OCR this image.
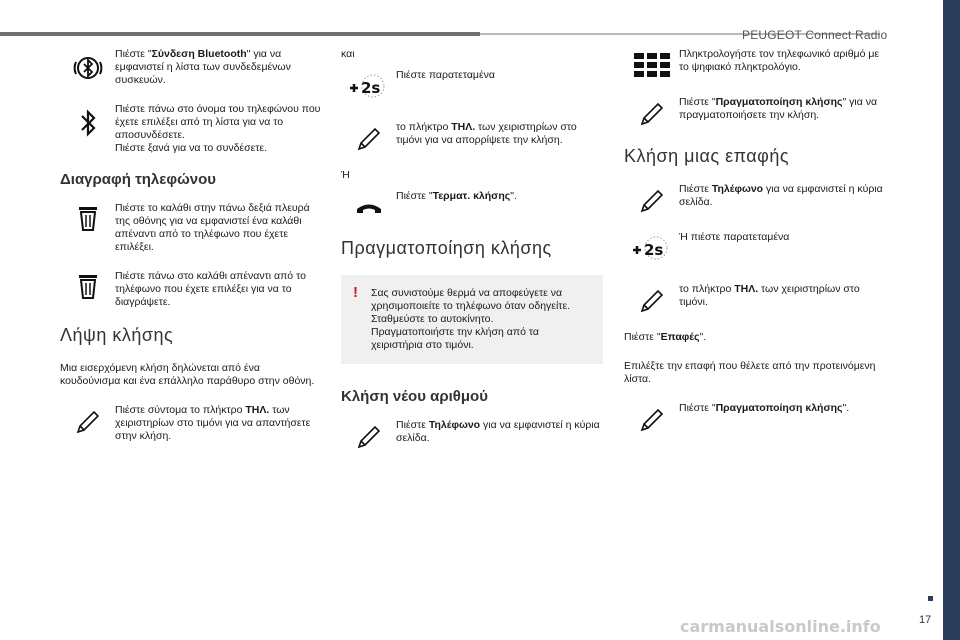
PEUGEOT Connect Radio
17
carmanualsonline.info
Πιέστε "Σύνδεση Bluetooth" για να εμφανιστεί η λίστα των συνδεδεμένων συσκευών.
Πιέστε πάνω στο όνομα του τηλεφώνου που έχετε επιλέξει από τη λίστα για να το αποσυνδέσετε.
Πιέστε ξανά για να το συνδέσετε.
Διαγραφή τηλεφώνου
Πιέστε το καλάθι στην πάνω δεξιά πλευρά της οθόνης για να εμφανιστεί ένα καλάθι απέναντι από το τηλέφωνο που έχετε επιλέξει.
Πιέστε πάνω στο καλάθι απέναντι από το τηλέφωνο που έχετε επιλέξει για να το διαγράψετε.
Λήψη κλήσης
Μια εισερχόμενη κλήση δηλώνεται από ένα κουδούνισμα και ένα επάλληλο παράθυρο στην οθόνη.
Πιέστε σύντομα το πλήκτρο ΤΗΛ. των χειριστηρίων στο τιμόνι για να απαντήσετε στην κλήση.
και
2s
Πιέστε παρατεταμένα
το πλήκτρο ΤΗΛ. των χειριστηρίων στο τιμόνι για να απορρίψετε την κλήση.
Ή
Πιέστε "Τερματ. κλήσης".
Πραγματοποίηση κλήσης
! Σας συνιστούμε θερμά να αποφεύγετε να χρησιμοποιείτε το τηλέφωνο όταν οδηγείτε.
Σταθμεύστε το αυτοκίνητο.
Πραγματοποιήστε την κλήση από τα χειριστήρια στο τιμόνι.
Κλήση νέου αριθμού
Πιέστε Τηλέφωνο για να εμφανιστεί η κύρια σελίδα.
Πληκτρολογήστε τον τηλεφωνικό αριθμό με το ψηφιακό πληκτρολόγιο.
Πιέστε "Πραγματοποίηση κλήσης" για να πραγματοποιήσετε την κλήση.
Κλήση μιας επαφής
Πιέστε Τηλέφωνο για να εμφανιστεί η κύρια σελίδα.
2s
Ή πιέστε παρατεταμένα
το πλήκτρο ΤΗΛ. των χειριστηρίων στο τιμόνι.
Πιέστε "Επαφές".
Επιλέξτε την επαφή που θέλετε από την προτεινόμενη λίστα.
Πιέστε "Πραγματοποίηση κλήσης".
